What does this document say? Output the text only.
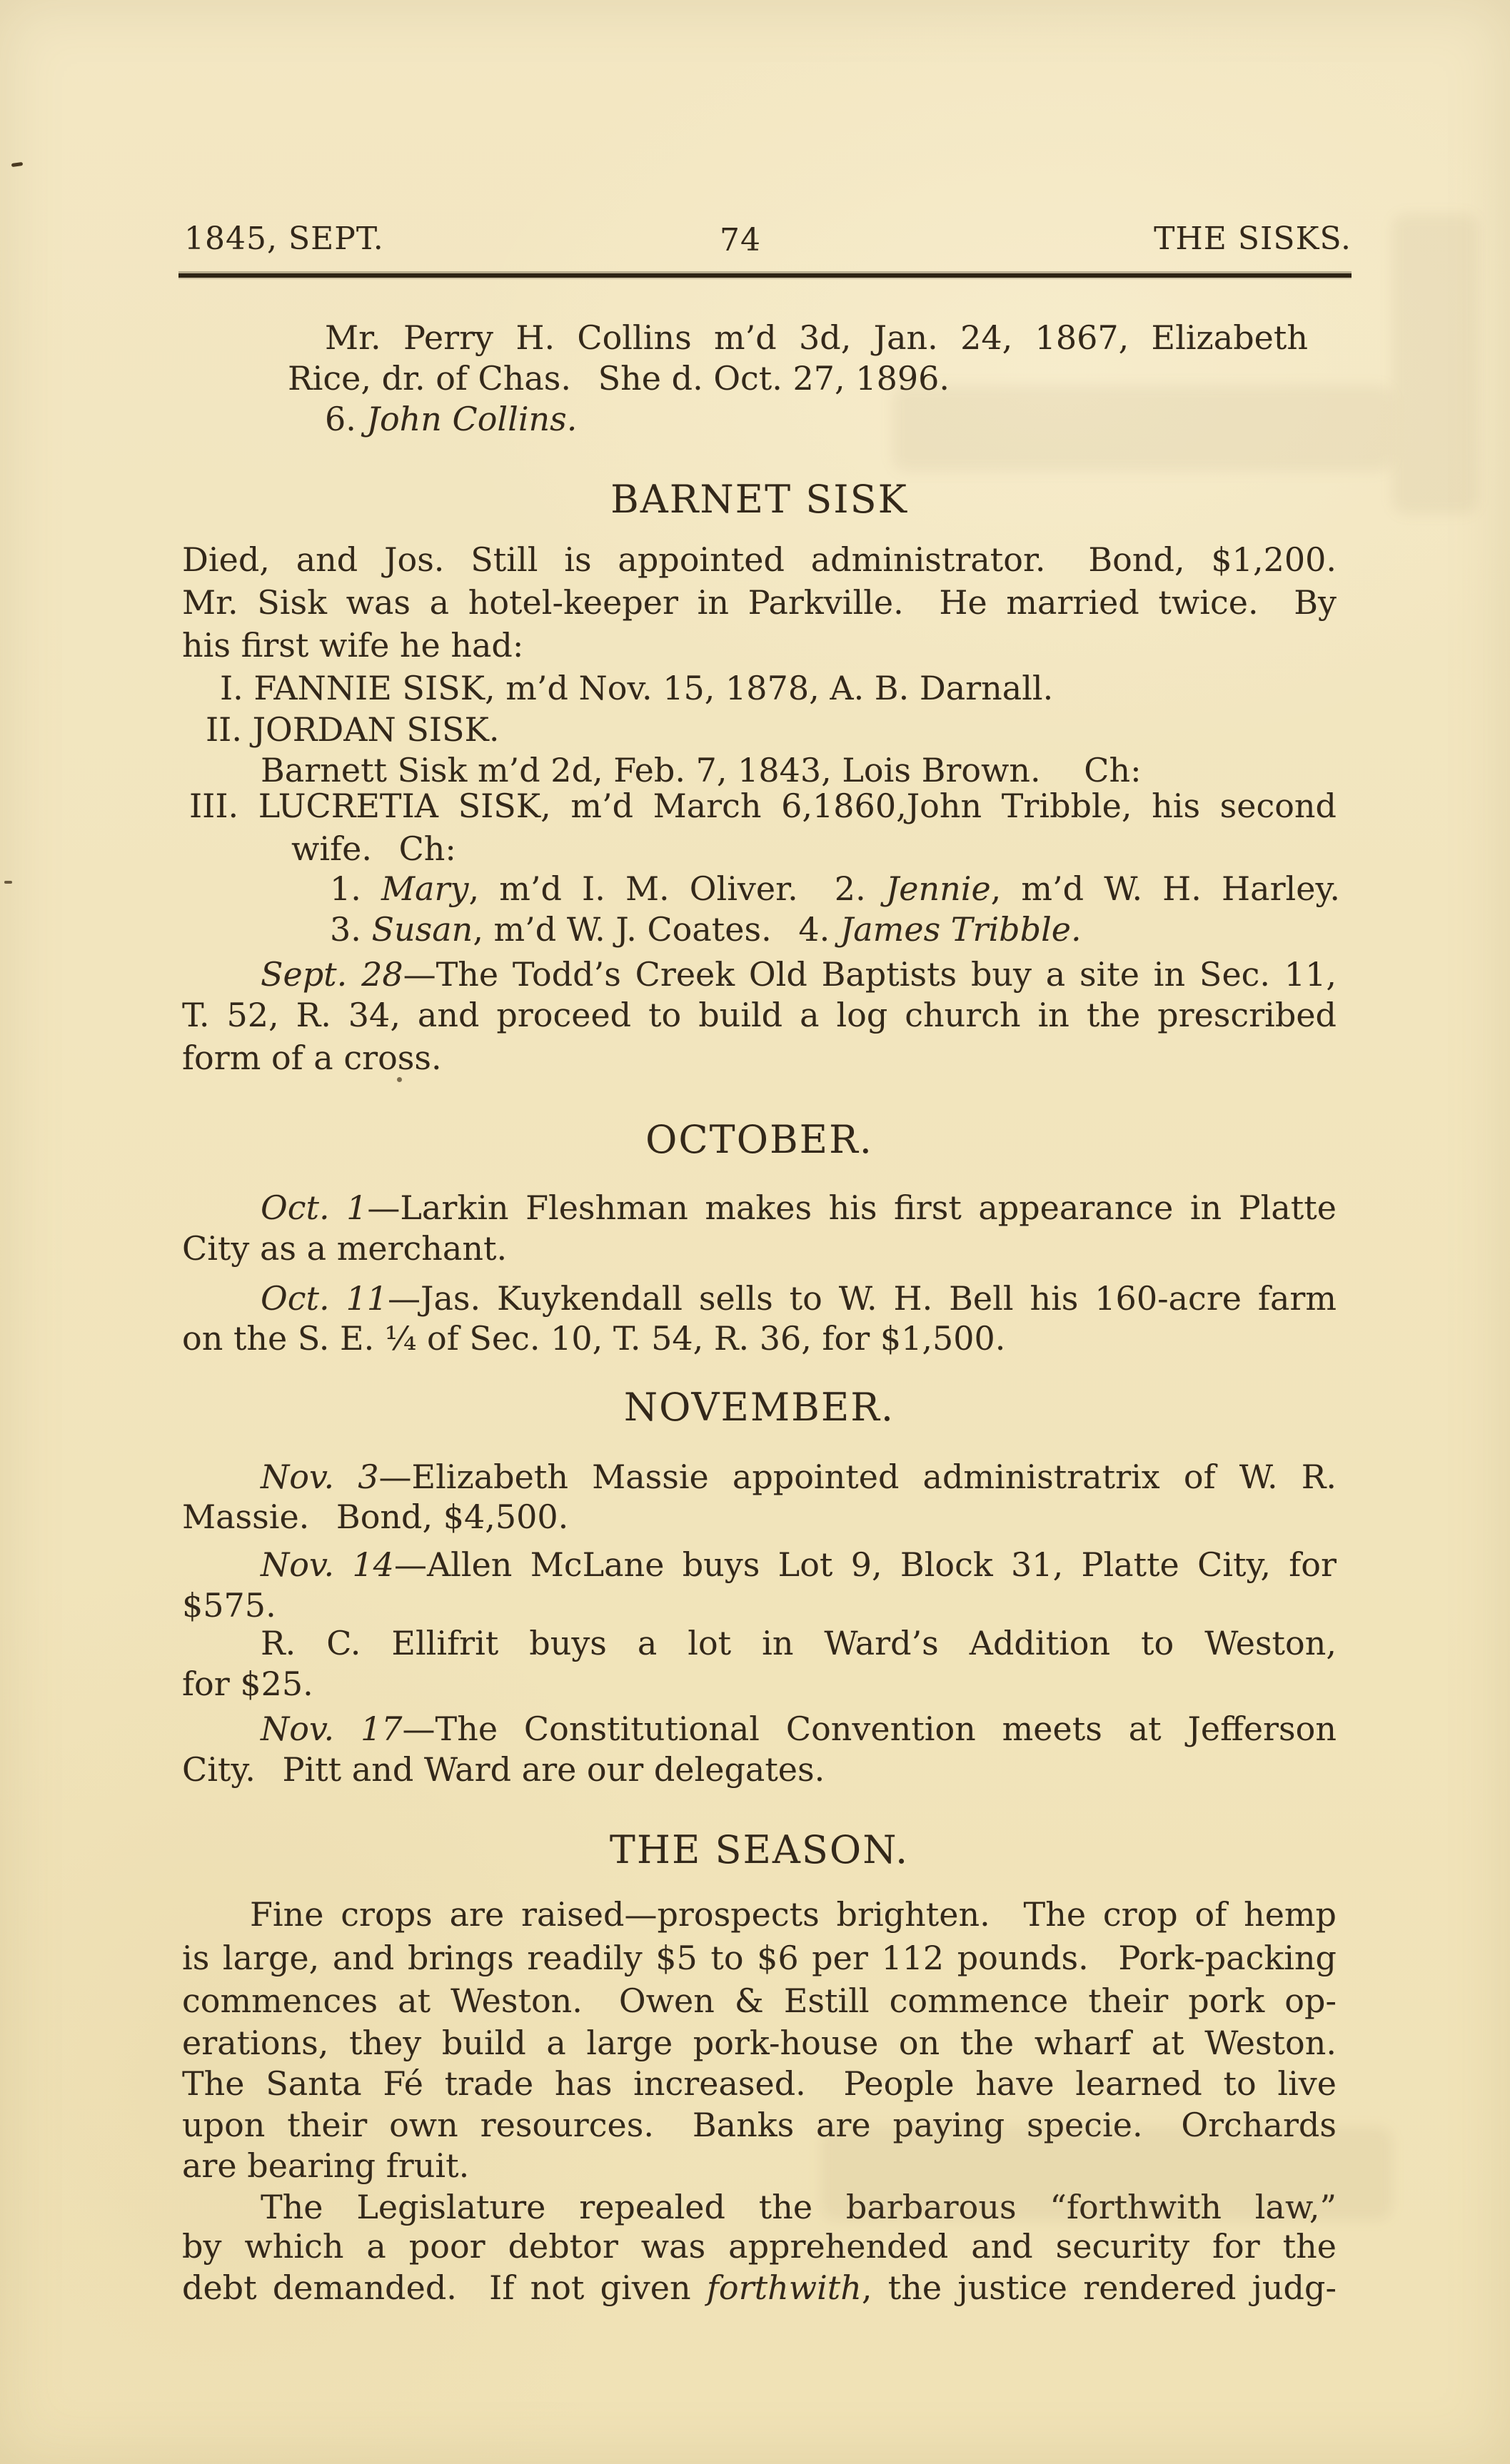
1845, SEPT.	74	THE SISKS.
Mr. Perry H. Collins m’d 3d, Jan. 24, 1867, Elizabeth
Rice, dr. of Chas.  She d. Oct. 27, 1896.
6. John Collins.
BARNET SISK
Died, and Jos. Still is appointed administrator.  Bond, $1,200.
Mr. Sisk was a hotel-keeper in Parkville.  He married twice.  By
his first wife he had:
I. FANNIE SISK, m’d Nov. 15, 1878, A. B. Darnall.
II. JORDAN SISK.
Barnett Sisk m’d 2d, Feb. 7, 1843, Lois Brown.   Ch:
III. LUCRETIA SISK, m’d March 6,1860,John Tribble, his second
wife.  Ch:
1. Mary, m’d I. M. Oliver.  2. Jennie, m’d W. H. Harley.
3. Susan, m’d W. J. Coates.  4. James Tribble.
Sept. 28—The Todd’s Creek Old Baptists buy a site in Sec. 11,
T. 52, R. 34, and proceed to build a log church in the prescribed
form of a cross.
OCTOBER.
Oct. 1—Larkin Fleshman makes his first appearance in Platte
City as a merchant.
Oct. 11—Jas. Kuykendall sells to W. H. Bell his 160-acre farm
on the S. E. ¼ of Sec. 10, T. 54, R. 36, for $1,500.
NOVEMBER.
Nov. 3—Elizabeth Massie appointed administratrix of W. R.
Massie.  Bond, $4,500.
Nov. 14—Allen McLane buys Lot 9, Block 31, Platte City, for
$575.
R. C. Ellifrit buys a lot in Ward’s Addition to Weston,
for $25.
Nov. 17—The Constitutional Convention meets at Jefferson
City.  Pitt and Ward are our delegates.
THE SEASON.
Fine crops are raised—prospects brighten.  The crop of hemp
is large, and brings readily $5 to $6 per 112 pounds.  Pork-packing
commences at Weston.  Owen & Estill commence their pork op-
erations, they build a large pork-house on the wharf at Weston.
The Santa Fé trade has increased.  People have learned to live
upon their own resources.  Banks are paying specie.  Orchards
are bearing fruit.
The Legislature repealed the barbarous “forthwith law,”
by which a poor debtor was apprehended and security for the
debt demanded.  If not given forthwith, the justice rendered judg-
